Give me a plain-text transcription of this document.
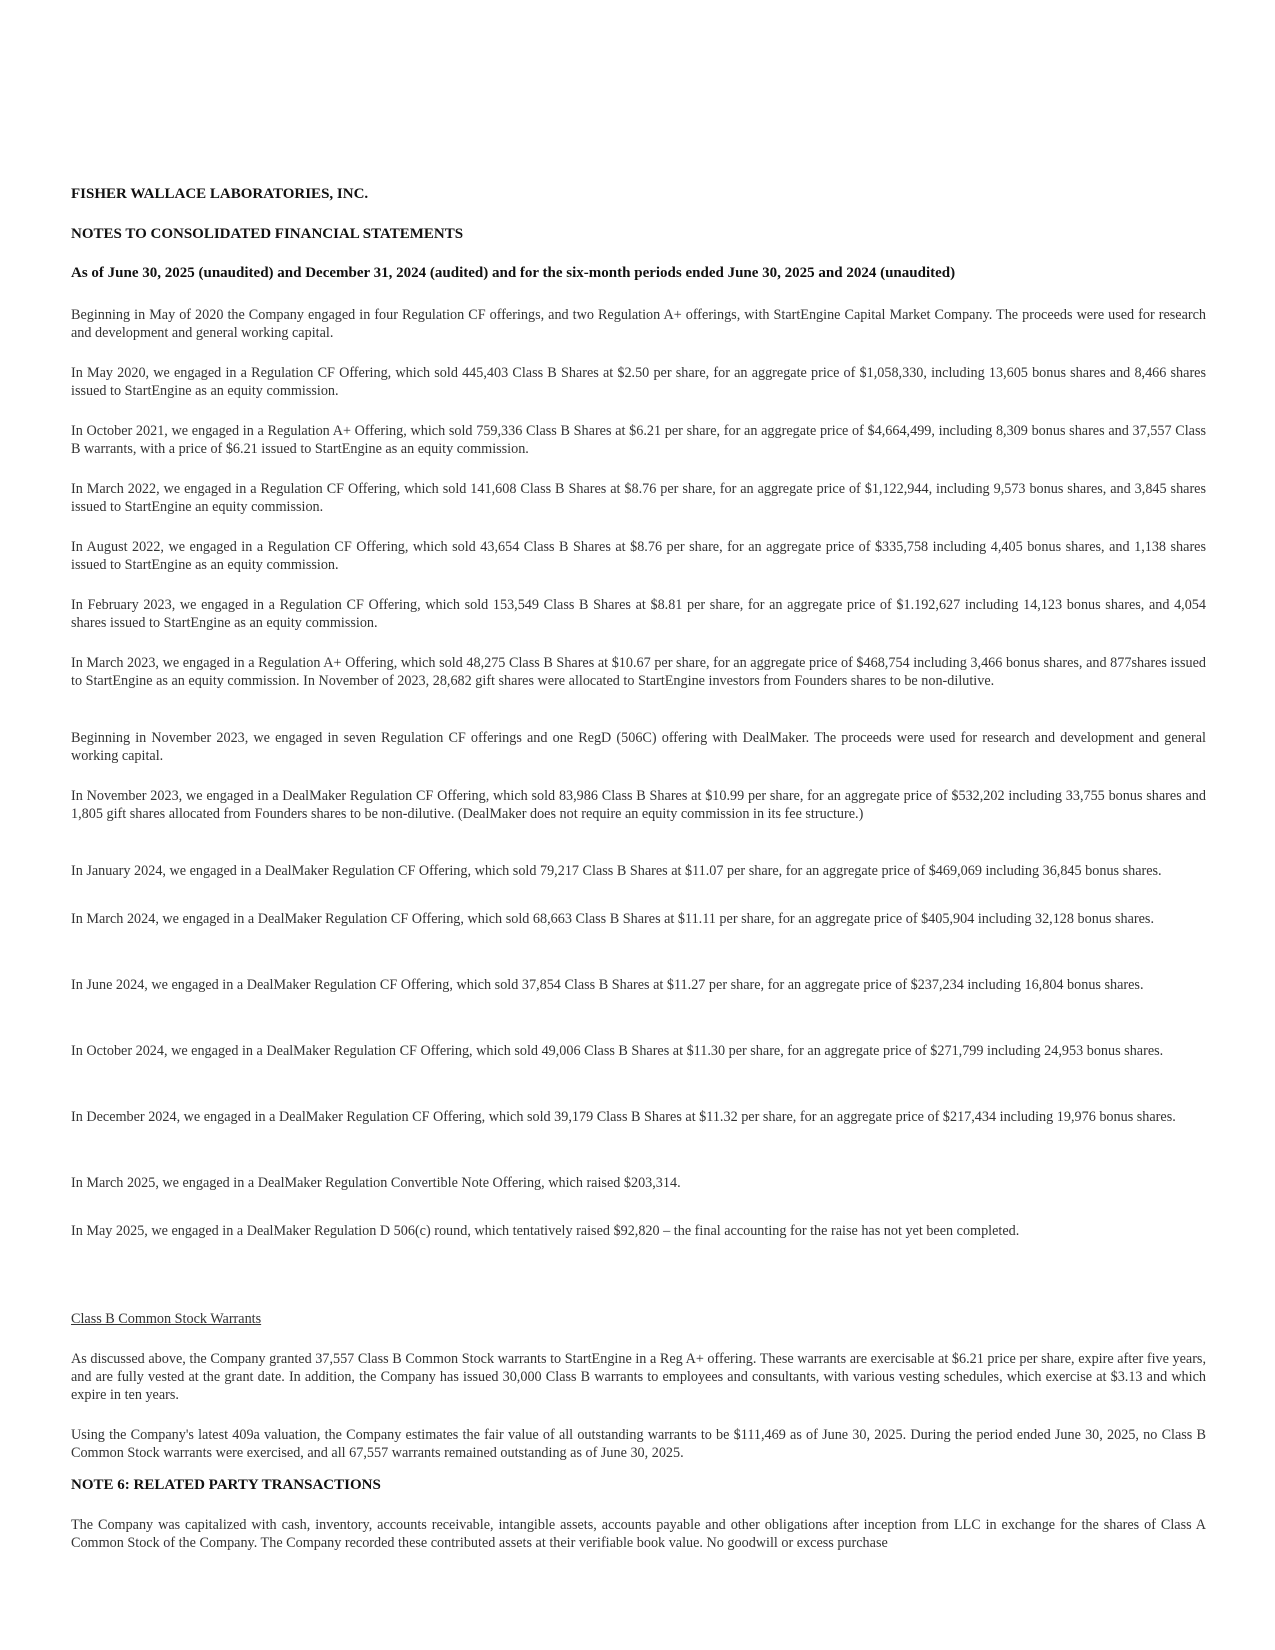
FISHER WALLACE LABORATORIES, INC.
NOTES TO CONSOLIDATED FINANCIAL STATEMENTS
As of June 30, 2025 (unaudited) and December 31, 2024 (audited) and for the six-month periods ended June 30, 2025 and 2024 (unaudited)

Beginning in May of 2020 the Company engaged in four Regulation CF offerings, and two Regulation A+ offerings, with StartEngine Capital Market Company. The proceeds were used for research and development and general working capital.

In May 2020, we engaged in a Regulation CF Offering, which sold 445,403 Class B Shares at $2.50 per share, for an aggregate price of $1,058,330, including 13,605 bonus shares and 8,466 shares issued to StartEngine as an equity commission.

In October 2021, we engaged in a Regulation A+ Offering, which sold 759,336 Class B Shares at $6.21 per share, for an aggregate price of $4,664,499, including 8,309 bonus shares and 37,557 Class B warrants, with a price of $6.21 issued to StartEngine as an equity commission.

In March 2022, we engaged in a Regulation CF Offering, which sold 141,608 Class B Shares at $8.76 per share, for an aggregate price of $1,122,944, including 9,573 bonus shares, and 3,845 shares issued to StartEngine an equity commission.

In August 2022, we engaged in a Regulation CF Offering, which sold 43,654 Class B Shares at $8.76 per share, for an aggregate price of $335,758 including 4,405 bonus shares, and 1,138 shares issued to StartEngine as an equity commission.

In February 2023, we engaged in a Regulation CF Offering, which sold 153,549 Class B Shares at $8.81 per share, for an aggregate price of $1.192,627 including 14,123 bonus shares, and 4,054 shares issued to StartEngine as an equity commission.

In March 2023, we engaged in a Regulation A+ Offering, which sold 48,275 Class B Shares at $10.67 per share, for an aggregate price of $468,754 including 3,466 bonus shares, and 877shares issued to StartEngine as an equity commission. In November of 2023, 28,682 gift shares were allocated to StartEngine investors from Founders shares to be non-dilutive.

Beginning in November 2023, we engaged in seven Regulation CF offerings and one RegD (506C) offering with DealMaker. The proceeds were used for research and development and general working capital.

In November 2023, we engaged in a DealMaker Regulation CF Offering, which sold 83,986 Class B Shares at $10.99 per share, for an aggregate price of $532,202 including 33,755 bonus shares and 1,805 gift shares allocated from Founders shares to be non-dilutive. (DealMaker does not require an equity commission in its fee structure.)

In January 2024, we engaged in a DealMaker Regulation CF Offering, which sold 79,217 Class B Shares at $11.07 per share, for an aggregate price of $469,069 including 36,845 bonus shares.

In March 2024, we engaged in a DealMaker Regulation CF Offering, which sold 68,663 Class B Shares at $11.11 per share, for an aggregate price of $405,904 including 32,128 bonus shares.

In June 2024, we engaged in a DealMaker Regulation CF Offering, which sold 37,854 Class B Shares at $11.27 per share, for an aggregate price of $237,234 including 16,804 bonus shares.

In October 2024, we engaged in a DealMaker Regulation CF Offering, which sold 49,006 Class B Shares at $11.30 per share, for an aggregate price of $271,799 including 24,953 bonus shares.

In December 2024, we engaged in a DealMaker Regulation CF Offering, which sold 39,179 Class B Shares at $11.32 per share, for an aggregate price of $217,434 including 19,976 bonus shares.

In March 2025, we engaged in a DealMaker Regulation Convertible Note Offering, which raised $203,314.

In May 2025, we engaged in a DealMaker Regulation D 506(c) round, which tentatively raised $92,820 – the final accounting for the raise has not yet been completed.

Class B Common Stock Warrants

As discussed above, the Company granted 37,557 Class B Common Stock warrants to StartEngine in a Reg A+ offering. These warrants are exercisable at $6.21 price per share, expire after five years, and are fully vested at the grant date. In addition, the Company has issued 30,000 Class B warrants to employees and consultants, with various vesting schedules, which exercise at $3.13 and which expire in ten years.

Using the Company's latest 409a valuation, the Company estimates the fair value of all outstanding warrants to be $111,469 as of June 30, 2025. During the period ended June 30, 2025, no Class B Common Stock warrants were exercised, and all 67,557 warrants remained outstanding as of June 30, 2025.

NOTE 6: RELATED PARTY TRANSACTIONS

The Company was capitalized with cash, inventory, accounts receivable, intangible assets, accounts payable and other obligations after inception from LLC in exchange for the shares of Class A Common Stock of the Company. The Company recorded these contributed assets at their verifiable book value. No goodwill or excess purchase
